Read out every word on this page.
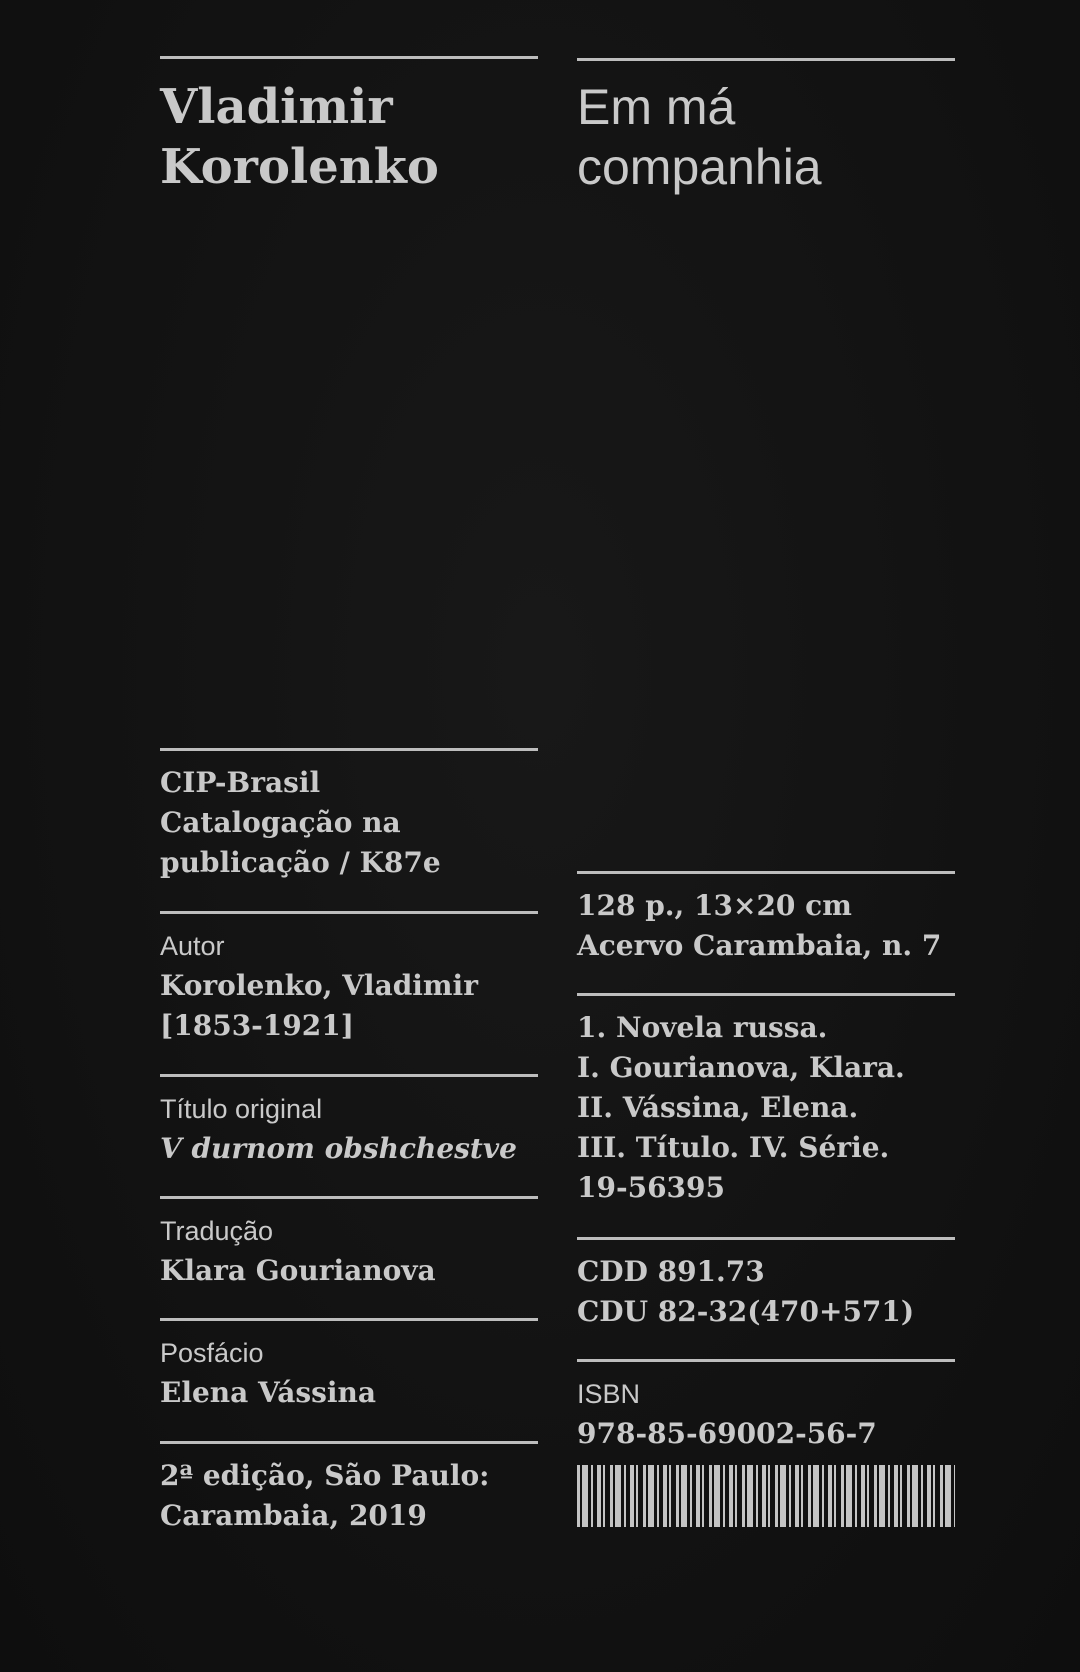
Vladimir
Korolenko
CIP-Brasil
Catalogação na
publicação / K87e
Autor
Korolenko, Vladimir
[1853-1921]
Título original
V durnom obshchestve
Tradução
Klara Gourianova
Posfácio
Elena Vássina
2ª edição, São Paulo:
Carambaia, 2019
Em má
companhia
128 p., 13×20 cm
Acervo Carambaia, n. 7
1. Novela russa.
I. Gourianova, Klara.
II. Vássina, Elena.
III. Título. IV. Série.
19-56395
CDD 891.73
CDU 82-32(470+571)
ISBN
978-85-69002-56-7
